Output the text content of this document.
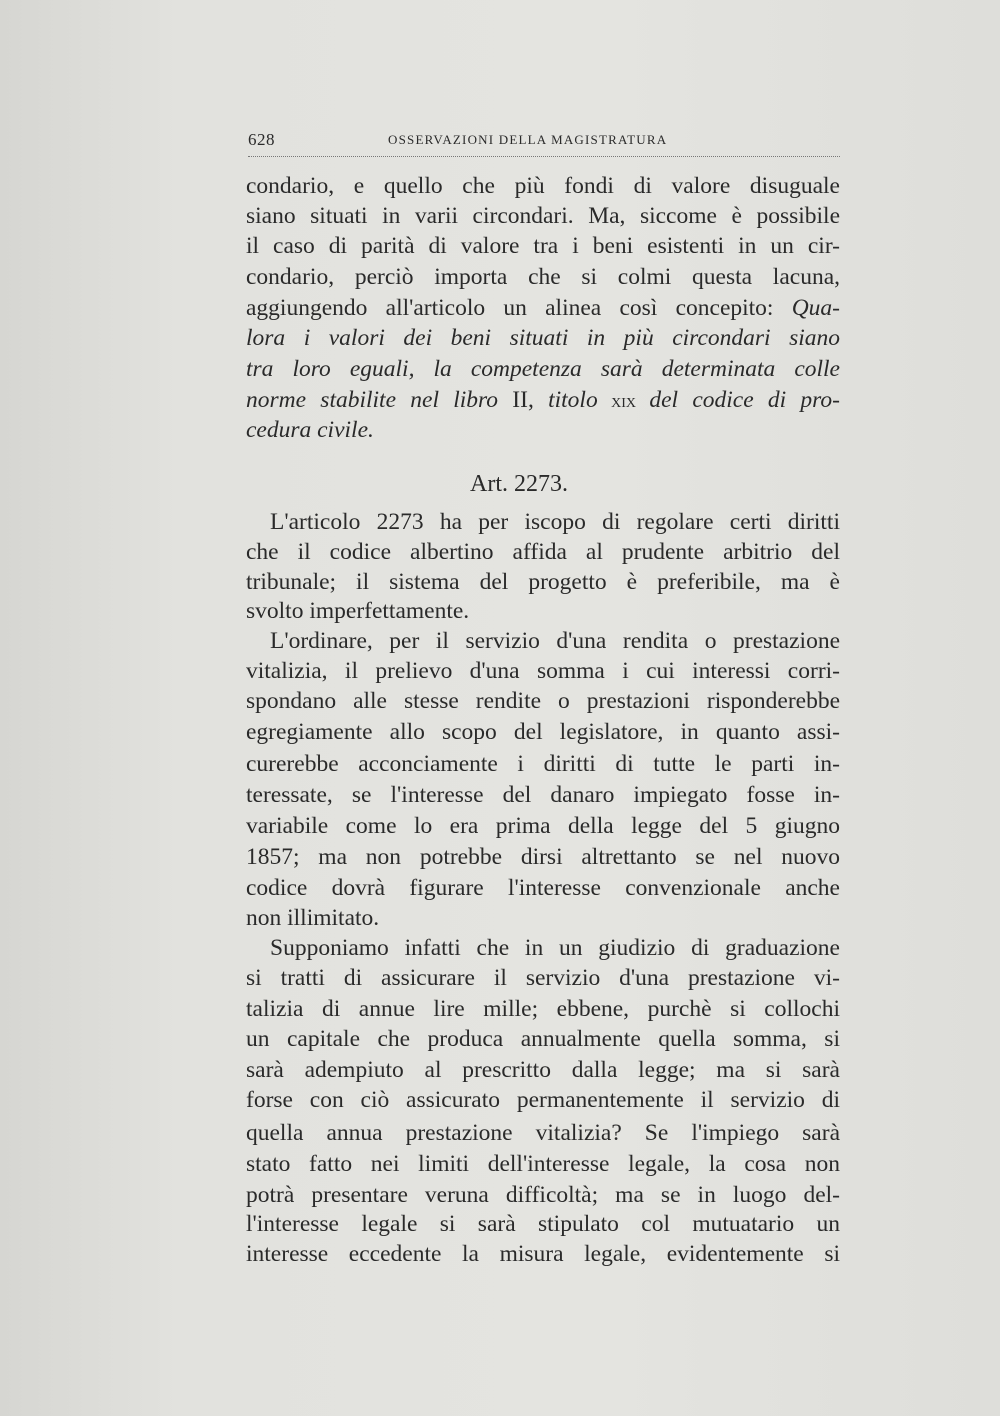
628	OSSERVAZIONI DELLA MAGISTRATURA
condario, e quello che più fondi di valore disuguale
siano situati in varii circondari. Ma, siccome è possibile
il caso di parità di valore tra i beni esistenti in un cir-
condario, perciò importa che si colmi questa lacuna,
aggiungendo all'articolo un alinea così concepito: Qua-
lora i valori dei beni situati in più circondari siano
tra loro eguali, la competenza sarà determinata colle
norme stabilite nel libro II, titolo xix del codice di pro-
cedura civile.
Art. 2273.
L'articolo 2273 ha per iscopo di regolare certi diritti
che il codice albertino affida al prudente arbitrio del
tribunale; il sistema del progetto è preferibile, ma è
svolto imperfettamente.
L'ordinare, per il servizio d'una rendita o prestazione
vitalizia, il prelievo d'una somma i cui interessi corri-
spondano alle stesse rendite o prestazioni risponderebbe
egregiamente allo scopo del legislatore, in quanto assi-
curerebbe acconciamente i diritti di tutte le parti in-
teressate, se l'interesse del danaro impiegato fosse in-
variabile come lo era prima della legge del 5 giugno
1857; ma non potrebbe dirsi altrettanto se nel nuovo
codice dovrà figurare l'interesse convenzionale anche
non illimitato.
Supponiamo infatti che in un giudizio di graduazione
si tratti di assicurare il servizio d'una prestazione vi-
talizia di annue lire mille; ebbene, purchè si collochi
un capitale che produca annualmente quella somma, si
sarà adempiuto al prescritto dalla legge; ma si sarà
forse con ciò assicurato permanentemente il servizio di
quella annua prestazione vitalizia? Se l'impiego sarà
stato fatto nei limiti dell'interesse legale, la cosa non
potrà presentare veruna difficoltà; ma se in luogo del-
l'interesse legale si sarà stipulato col mutuatario un
interesse eccedente la misura legale, evidentemente si
